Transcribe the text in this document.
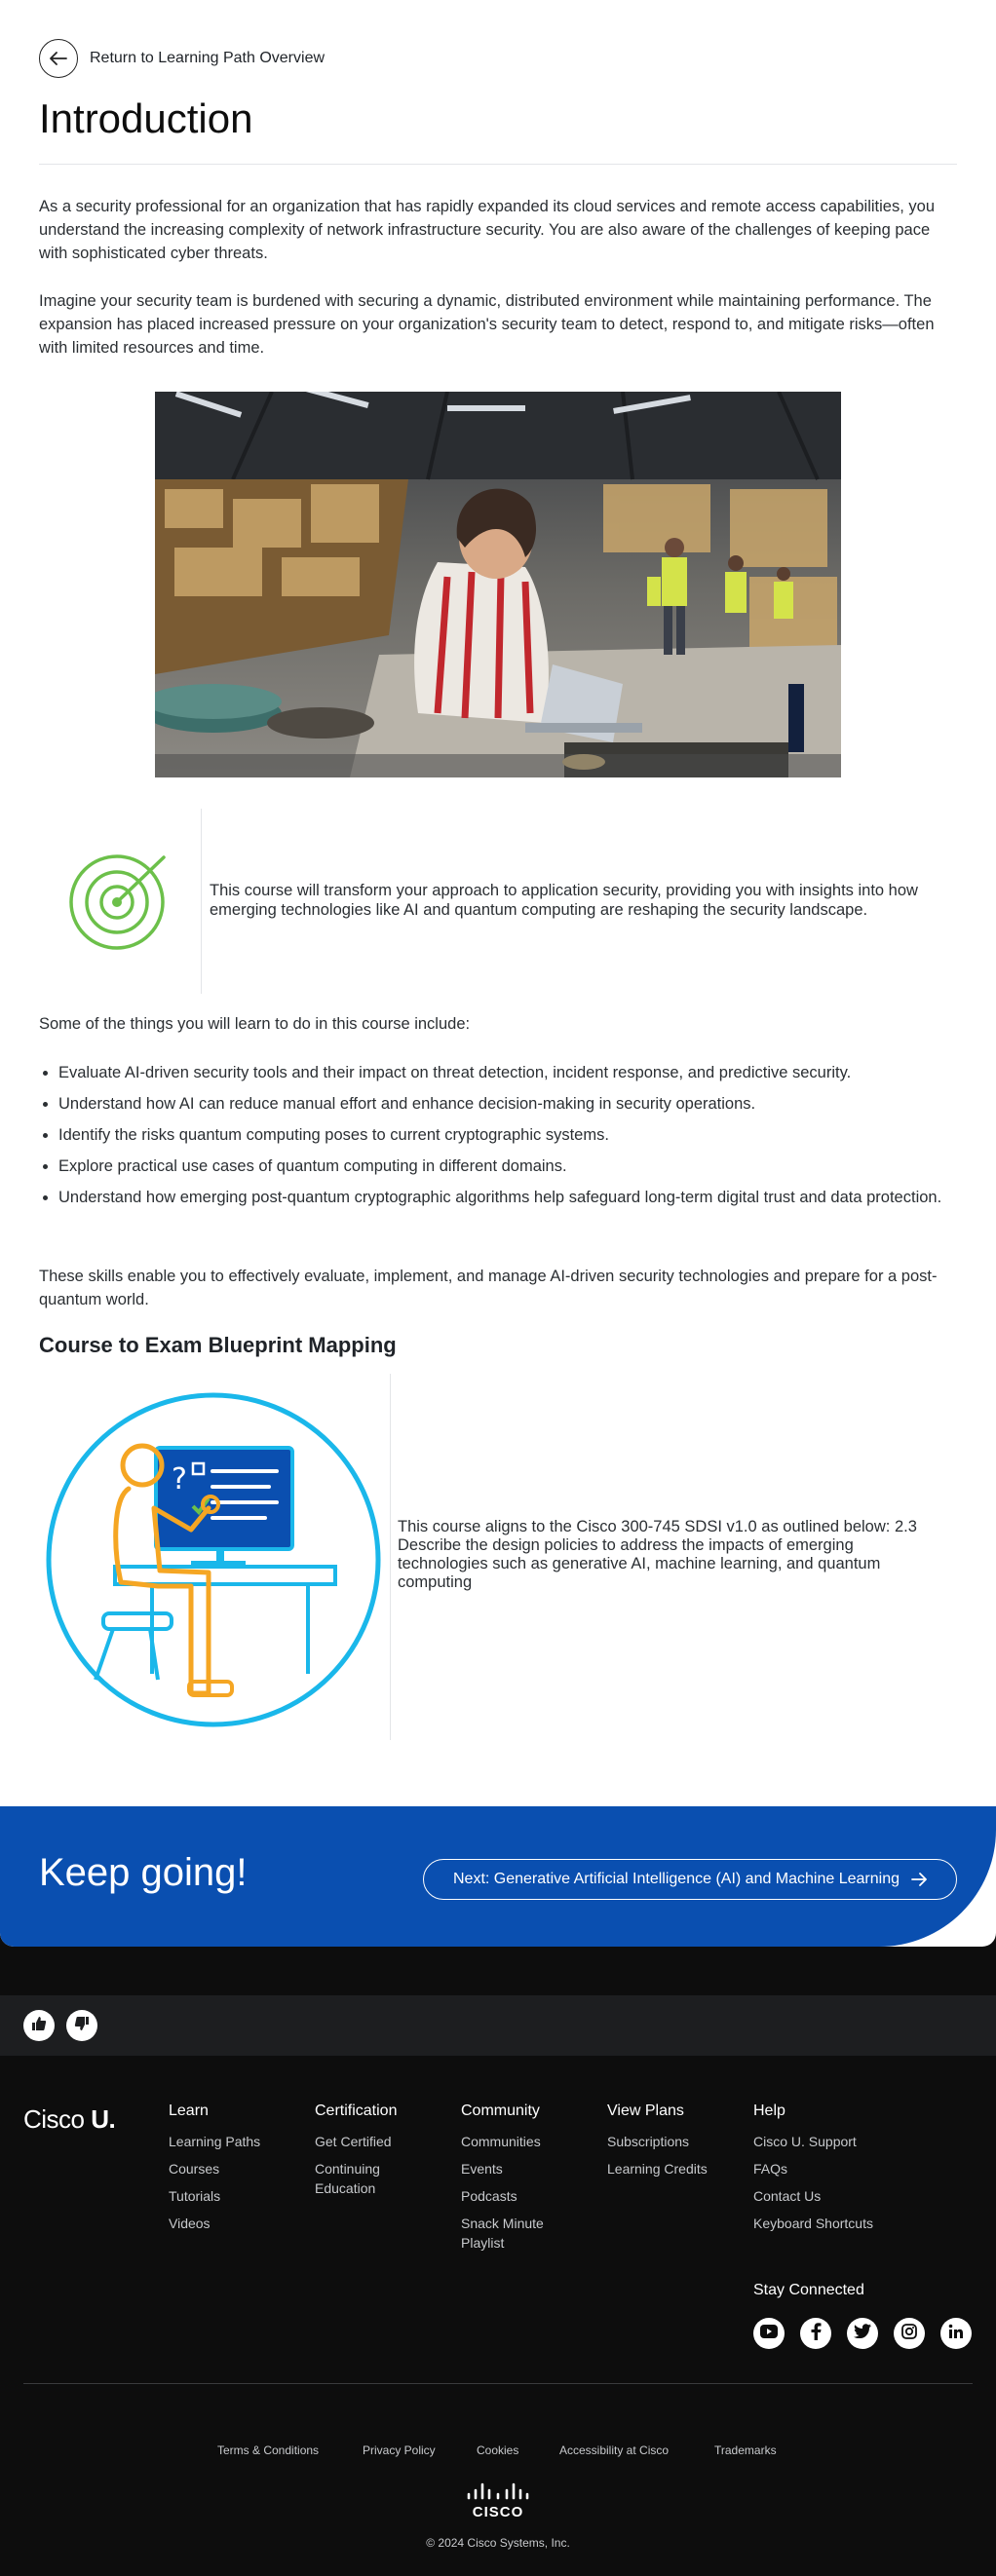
Return to Learning Path Overview
Introduction

As a security professional for an organization that has rapidly expanded its cloud services and remote access capabilities, you understand the increasing complexity of network infrastructure security. You are also aware of the challenges of keeping pace with sophisticated cyber threats.

Imagine your security team is burdened with securing a dynamic, distributed environment while maintaining performance. The expansion has placed increased pressure on your organization's security team to detect, respond to, and mitigate risks—often with limited resources and time.

This course will transform your approach to application security, providing you with insights into how emerging technologies like AI and quantum computing are reshaping the security landscape.

Some of the things you will learn to do in this course include:

Evaluate AI-driven security tools and their impact on threat detection, incident response, and predictive security.
Understand how AI can reduce manual effort and enhance decision-making in security operations.
Identify the risks quantum computing poses to current cryptographic systems.
Explore practical use cases of quantum computing in different domains.
Understand how emerging post-quantum cryptographic algorithms help safeguard long-term digital trust and data protection.

These skills enable you to effectively evaluate, implement, and manage AI-driven security technologies and prepare for a post-quantum world.

Course to Exam Blueprint Mapping
?

This course aligns to the Cisco 300-745 SDSI v1.0 as outlined below: 2.3 Describe the design policies to address the impacts of emerging technologies such as generative AI, machine learning, and quantum computing

Keep going!	Next: Generative Artificial Intelligence (AI) and Machine Learning
Cisco U.	Learn
Learning Paths
Courses
Tutorials
Videos
Certification
Get Certified
Continuing Education
Community
Communities
Events
Podcasts
Snack Minute Playlist
View Plans
Subscriptions
Learning Credits
Help
Cisco U. Support
FAQs
Contact Us
Keyboard Shortcuts
Stay Connected
Terms & Conditions	Privacy Policy	Cookies	Accessibility at Cisco	Trademarks
CISCO
© 2024 Cisco Systems, Inc.
